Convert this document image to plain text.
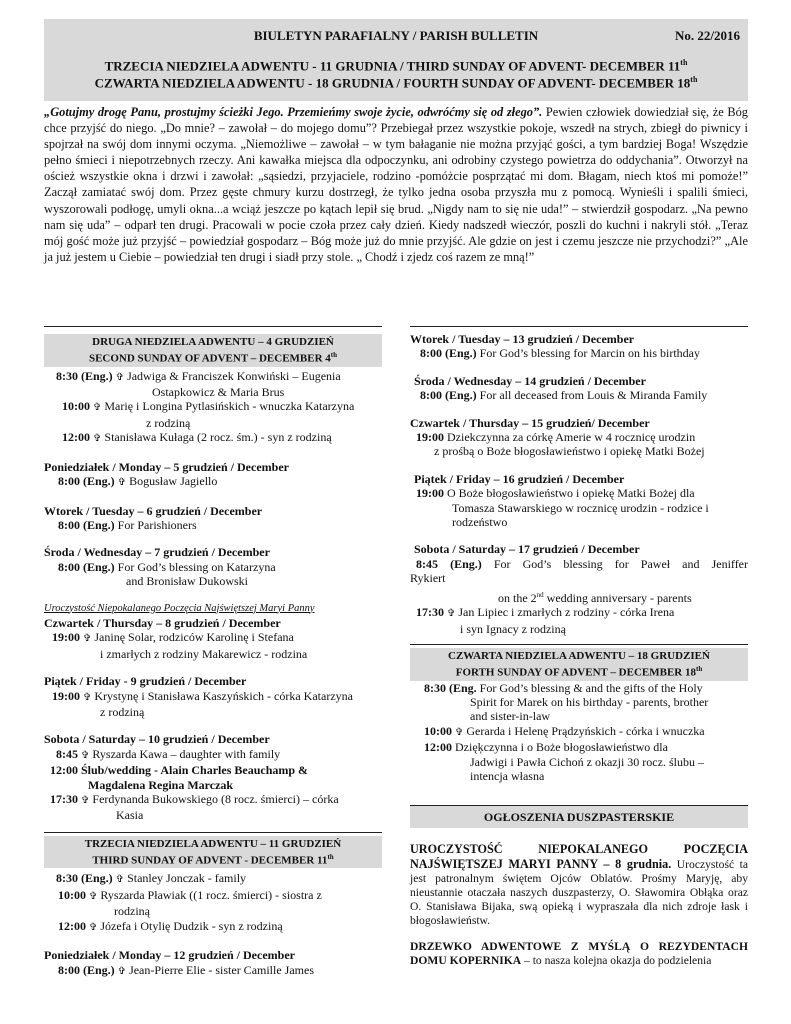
BIULETYN PARAFIALNY / PARISH BULLETIN	No. 22/2016
TRZECIA NIEDZIELA ADWENTU - 11 GRUDNIA / THIRD SUNDAY OF ADVENT- DECEMBER 11th
CZWARTA NIEDZIELA ADWENTU - 18 GRUDNIA / FOURTH SUNDAY OF ADVENT- DECEMBER 18th
„Gotujmy drogę Panu, prostujmy ścieżki Jego. Przemieńmy swoje życie, odwróćmy się od złego”. Pewien człowiek dowiedział się, że Bóg chce przyjść do niego. „Do mnie? – zawołał – do mojego domu”? Przebiegał przez wszystkie pokoje, wszedł na strych, zbiegł do piwnicy i spojrzał na swój dom innymi oczyma. „Niemożliwe – zawołał – w tym bałaganie nie można przyjąć gości, a tym bardziej Boga! Wszędzie pełno śmieci i niepotrzebnych rzeczy. Ani kawałka miejsca dla odpoczynku, ani odrobiny czystego powietrza do oddychania”. Otworzył na oścież wszystkie okna i drzwi i zawołał: „sąsiedzi, przyjaciele, rodzino -pomóżcie posprzątać mi dom. Błagam, niech ktoś mi pomoże!” Zaczął zamiatać swój dom. Przez gęste chmury kurzu dostrzegł, że tylko jedna osoba przyszła mu z pomocą. Wynieśli i spalili śmieci, wyszorowali podłogę, umyli okna...a wciąż jeszcze po kątach lepił się brud. „Nigdy nam to się nie uda!” – stwierdził gospodarz. „Na pewno nam się uda” – odparł ten drugi. Pracowali w pocie czoła przez cały dzień. Kiedy nadszedł wieczór, poszli do kuchni i nakryli stół. „Teraz mój gość może już przyjść – powiedział gospodarz – Bóg może już do mnie przyjść. Ale gdzie on jest i czemu jeszcze nie przychodzi?” „Ale ja już jestem u Ciebie – powiedział ten drugi i siadł przy stole. „ Chodź i zjedz coś razem ze mną!”
DRUGA NIEDZIELA ADWENTU – 4 GRUDZIEŃ
SECOND SUNDAY OF ADVENT – DECEMBER 4th
8:30 (Eng.) ✞ Jadwiga & Franciszek Konwiński – Eugenia
Ostapkowicz & Maria Brus
10:00 ✞ Marię i Longina Pytlasińskich - wnuczka Katarzyna
z rodziną
12:00 ✞ Stanisława Kułaga (2 rocz. śm.) - syn z rodziną
Poniedziałek / Monday – 5 grudzień / December
8:00 (Eng.) ✞ Bogusław Jagiello
Wtorek / Tuesday – 6 grudzień / December
8:00 (Eng.) For Parishioners
Środa / Wednesday – 7 grudzień / December
8:00 (Eng.) For God’s blessing on Katarzyna
and Bronisław Dukowski
Uroczystość Niepokalanego Poczęcia Najświętszej Maryi Panny
Czwartek / Thursday – 8 grudzień / December
19:00 ✞ Janinę Solar, rodziców Karolinę i Stefana
i zmarłych z rodziny Makarewicz - rodzina
Piątek / Friday - 9 grudzień / December
19:00 ✞ Krystynę i Stanisława Kaszyńskich - córka Katarzyna
z rodziną
Sobota / Saturday – 10 grudzień / December
8:45 ✞ Ryszarda Kawa – daughter with family
12:00 Ślub/wedding - Alain Charles Beauchamp &
Magdalena Regina Marczak
17:30 ✞ Ferdynanda Bukowskiego (8 rocz. śmierci) – córka
Kasia
TRZECIA NIEDZIELA ADWENTU – 11 GRUDZIEŃ
THIRD SUNDAY OF ADVENT - DECEMBER 11th
8:30 (Eng.) ✞ Stanley Jonczak - family
10:00 ✞ Ryszarda Pławiak ((1 rocz. śmierci) - siostra z
rodziną
12:00 ✞ Józefa i Otylię Dudzik - syn z rodziną
Poniedziałek / Monday – 12 grudzień / December
8:00 (Eng.) ✞ Jean-Pierre Elie - sister Camille James
Wtorek / Tuesday – 13 grudzień / December
8:00 (Eng.) For God’s blessing for Marcin on his birthday
Środa / Wednesday – 14 grudzień / December
8:00 (Eng.) For all deceased from Louis & Miranda Family
Czwartek / Thursday – 15 grudzień/ December
19:00 Dziekczynna za córkę Amerie w 4 rocznicę urodzin
z prośbą o Boże błogosławieństwo i opiekę Matki Bożej
Piątek / Friday – 16 grudzień / December
19:00 O Boże błogosławieństwo i opiekę Matki Bożej dla
Tomasza Stawarskiego w rocznicę urodzin - rodzice i
rodzeństwo
Sobota / Saturday – 17 grudzień / December
8:45 (Eng.) For God’s blessing for Paweł and Jeniffer
Rykiert
on the 2nd wedding anniversary - parents
17:30 ✞ Jan Lipiec i zmarłych z rodziny - córka Irena
i syn Ignacy z rodziną
CZWARTA NIEDZIELA ADWENTU – 18 GRUDZIEŃ
FORTH SUNDAY OF ADVENT – DECEMBER 18th
8:30 (Eng. For God’s blessing & and the gifts of the Holy
Spirit for Marek on his birthday - parents, brother
and sister-in-law
10:00 ✞ Gerarda i Helenę Prądzyńskich - córka i wnuczka
12:00 Dzięķczynna i o Boże błogosławieństwo dla
Jadwigi i Pawła Cichoń z okazji 30 rocz. ślubu –
intencja własna
OGŁOSZENIA DUSZPASTERSKIE
UROCZYSTOŚĆ NIEPOKALANEGO POCZĘCIA NAJŚWIĘTSZEJ MARYI PANNY – 8 grudnia. Uroczystość ta jest patronalnym świętem Ojców Oblatów. Prośmy Maryję, aby nieustannie otaczała naszych duszpasterzy, O. Sławomira Obłąka oraz O. Stanisława Bijaka, swą opieką i wypraszała dla nich zdroje łask i błogosławieństw.
DRZEWKO ADWENTOWE Z MYŚLĄ O REZYDENTACH DOMU KOPERNIKA – to nasza kolejna okazja do podzielenia
